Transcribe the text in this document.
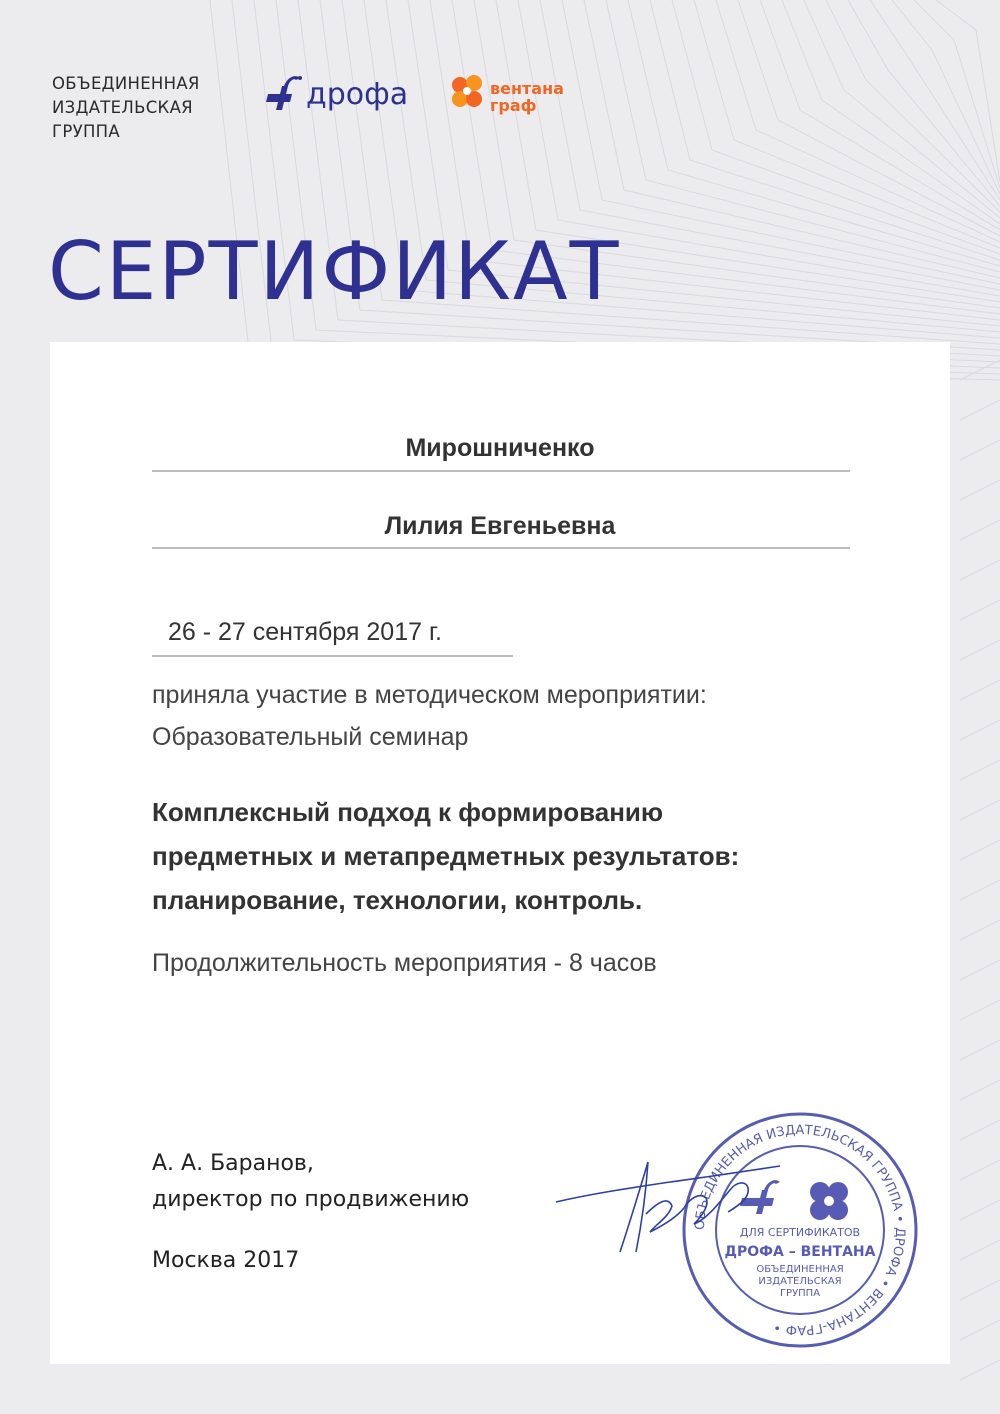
ОБЪЕДИНЕННАЯ
ИЗДАТЕЛЬСКАЯ
ГРУППА
дрофа	вентана
граф
СЕРТИФИКАТ
Мирошниченко
Лилия Евгеньевна
26 - 27 сентября 2017 г.
приняла участие в методическом мероприятии:
Образовательный семинар
Комплексный подход к формированию
предметных и метапредметных результатов:
планирование, технологии, контроль.
Продолжительность мероприятия - 8 часов
А. А. Баранов,
директор по продвижению
Москва 2017
ОБЪЕДИНЕННАЯ ИЗДАТЕЛЬСКАЯ ГРУППА • ДРОФА • ВЕНТАНА-ГРАФ •
ДЛЯ СЕРТИФИКАТОВ
ДРОФА – ВЕНТАНА
ОБЪЕДИНЕННАЯ
ИЗДАТЕЛЬСКАЯ
ГРУППА
